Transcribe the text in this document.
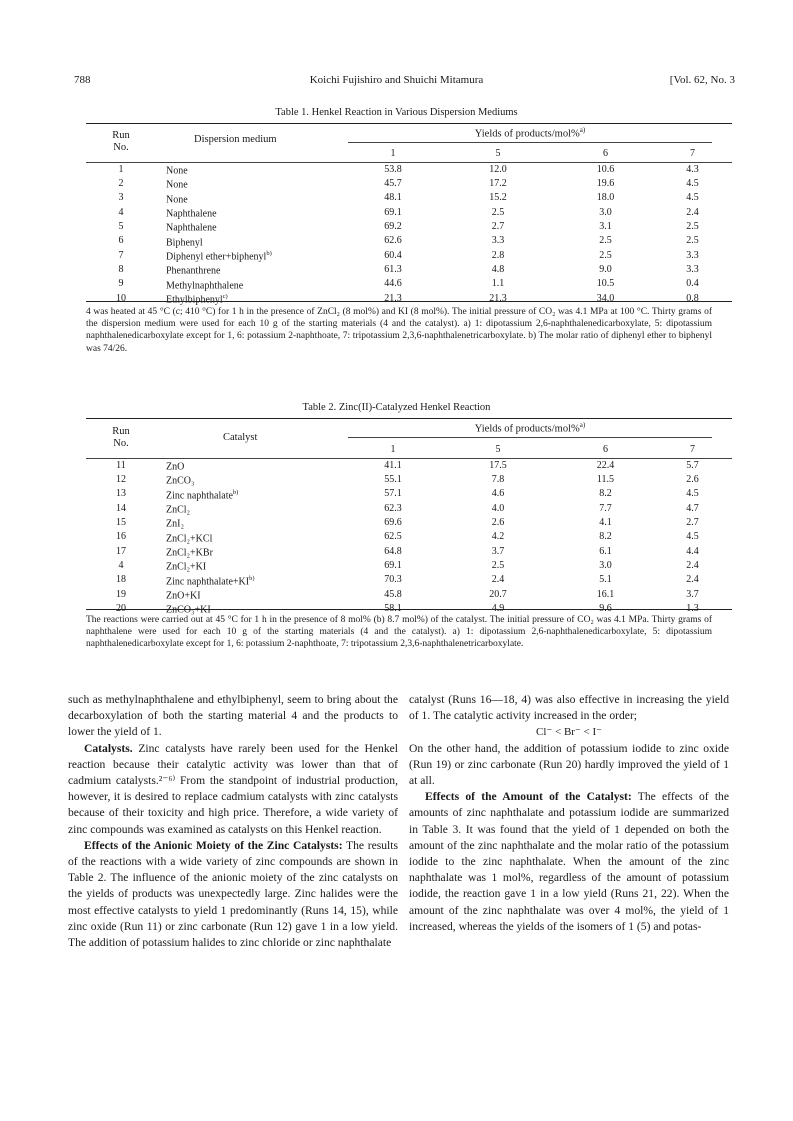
788	Koichi Fujishiro and Shuichi Mitamura	[Vol. 62, No. 3
Table 1. Henkel Reaction in Various Dispersion Mediums
Run
No.
Dispersion medium	Yields of products/mol%$^{a)}$
		1	5	6	7
1	None	53.8	12.0	10.6	4.3
2	None	45.7	17.2	19.6	4.5
3	None	48.1	15.2	18.0	4.5
4	Naphthalene	69.1	2.5	3.0	2.4
5	Naphthalene	69.2	2.7	3.1	2.5
6	Biphenyl	62.6	3.3	2.5	2.5
7	Diphenyl ether+biphenyl$^{b)}$	60.4	2.8	2.5	3.3
8	Phenanthrene	61.3	4.8	9.0	3.3
9	Methylnaphthalene	44.6	1.1	10.5	0.4
10	Ethylbiphenyl$^{c)}$	21.3	21.3	34.0	0.8
4 was heated at 45 °C (c; 410 °C) for 1 h in the presence of ZnCl₂ (8 mol%) and KI (8 mol%). The initial pressure of CO₂ was 4.1 MPa at 100 °C. Thirty grams of the dispersion medium were used for each 10 g of the starting materials (4 and the catalyst). a) 1: dipotassium 2,6-naphthalenedicarboxylate, 5: dipotassium naphthalenedicarboxylate except for 1, 6: potassium 2-naphthoate, 7: tripotassium 2,3,6-naphthalenetricarboxylate. b) The molar ratio of diphenyl ether to biphenyl was 74/26.
Table 2. Zinc(II)-Catalyzed Henkel Reaction
Run
No.
Catalyst
Yields of products/mol%$^{a)}$
		1	5	6	7
11	ZnO	41.1	17.5	22.4	5.7
12	ZnCO₃	55.1	7.8	11.5	2.6
13	Zinc naphthalate$^{b)}$	57.1	4.6	8.2	4.5
14	ZnCl₂	62.3	4.0	7.7	4.7
15	ZnI₂	69.6	2.6	4.1	2.7
16	ZnCl₂+KCl	62.5	4.2	8.2	4.5
17	ZnCl₂+KBr	64.8	3.7	6.1	4.4
4	ZnCl₂+KI	69.1	2.5	3.0	2.4
18	Zinc $naphthalate+KI^{b)}$	70.3	2.4	5.1	2.4
19	ZnO+KI	45.8	20.7	16.1	3.7
20	ZnCO₃+KI	58.1	4.9	9.6	1.3
The reactions were carried out at 45 °C for 1 h in the presence of 8 mol% (b) 8.7 mol%) of the catalyst. The initial pressure of CO₂ was 4.1 MPa. Thirty grams of naphthalene were used for each 10 g of the starting materials (4 and the catalyst). a) 1: dipotassium 2,6-naphthalenedicarboxylate, 5: dipotassium naphthalenedicarboxylate except for 1, 6: potassium 2-naphthoate, 7: tripotassium 2,3,6-naphthalenetricarboxylate.

such as methylnaphthalene and ethylbiphenyl, seem to bring about the decarboxylation of both the starting material 4 and the products to lower the yield of 1.

Catalysts. Zinc catalysts have rarely been used for the Henkel reaction because their catalytic activity was lower than that of cadmium catalysts.²⁻⁶⁾ From the standpoint of industrial production, however, it is desired to replace cadmium catalysts with zinc catalysts because of their toxicity and high price. Therefore, a wide variety of zinc compounds was examined as catalysts on this Henkel reaction.

Effects of the Anionic Moiety of the Zinc Catalysts: The results of the reactions with a wide variety of zinc compounds are shown in Table 2. The influence of the anionic moiety of the zinc catalysts on the yields of products was unexpectedly large. Zinc halides were the most effective catalysts to yield 1 predominantly (Runs 14, 15), while zinc oxide (Run 11) or zinc carbonate (Run 12) gave 1 in a low yield. The addition of potassium halides to zinc chloride or zinc naphthalate

catalyst (Runs 16—18, 4) was also effective in increasing the yield of 1. The catalytic activity increased in the order;

Cl⁻ < Br⁻ < I⁻

On the other hand, the addition of potassium iodide to zinc oxide (Run 19) or zinc carbonate (Run 20) hardly improved the yield of 1 at all.

Effects of the Amount of the Catalyst: The effects of the amounts of zinc naphthalate and potassium iodide are summarized in Table 3. It was found that the yield of 1 depended on both the amount of the zinc naphthalate and the molar ratio of the potassium iodide to the zinc naphthalate. When the amount of the zinc naphthalate was 1 mol%, regardless of the amount of potassium iodide, the reaction gave 1 in a low yield (Runs 21, 22). When the amount of the zinc naphthalate was over 4 mol%, the yield of 1 increased, whereas the yields of the isomers of 1 (5) and potas-
